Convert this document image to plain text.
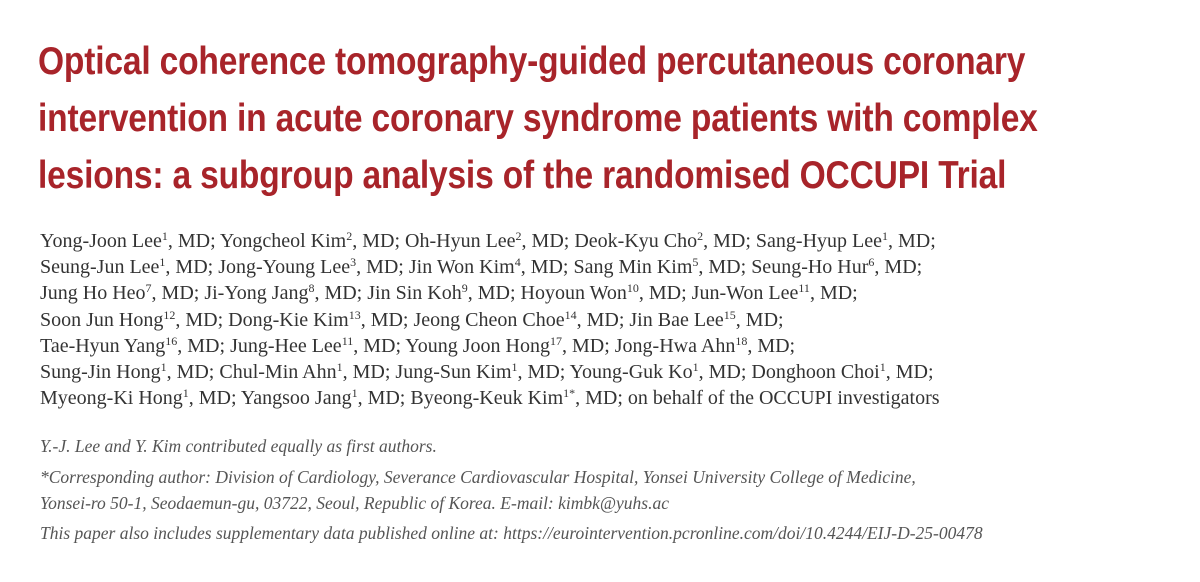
Optical coherence tomography-guided percutaneous coronary
intervention in acute coronary syndrome patients with complex
lesions: a subgroup analysis of the randomised OCCUPI Trial
Yong-Joon Lee$^1$, MD; Yongcheol Kim$^2$, MD; Oh-Hyun Lee$^2$, MD; Deok-Kyu Cho$^2$, MD; Sang-Hyup Lee$^1$, MD;
Seung-Jun Lee$^1$, MD; Jong-Young Lee$^3$, MD; Jin Won Kim$^4$, MD; Sang Min Kim$^5$, MD; Seung-Ho Hur$^6$, MD;
Jung Ho Heo$^7$, MD; Ji-Yong Jang$^8$, MD; Jin Sin Koh$^9$, MD; Hoyoun Won$^{10}$, MD; Jun-Won Lee$^{11}$, MD;
Soon Jun Hong$^{12}$, MD; Dong-Kie Kim$^{13}$, MD; Jeong Cheon Choe$^{14}$, MD; Jin Bae Lee$^{15}$, MD;
Tae-Hyun Yang$^{16}$, MD; Jung-Hee Lee$^{11}$, MD; Young Joon Hong$^{17}$, MD; Jong-Hwa Ahn$^{18}$, MD;
Sung-Jin Hong$^1$, MD; Chul-Min Ahn$^1$, MD; Jung-Sun Kim$^1$, MD; Young-Guk Ko$^1$, MD; Donghoon Choi$^1$, MD;
Myeong-Ki Hong$^1$, MD; Yangsoo Jang$^1$, MD; Byeong-Keuk Kim$^{1*}$, MD; on behalf of the OCCUPI investigators
Y.-J. Lee and Y. Kim contributed equally as first authors.
*Corresponding author: Division of Cardiology, Severance Cardiovascular Hospital, Yonsei University College of Medicine,
Yonsei-ro 50-1, Seodaemun-gu, 03722, Seoul, Republic of Korea. E-mail: kimbk@yuhs.ac
This paper also includes supplementary data published online at: https://eurointervention.pcronline.com/doi/10.4244/EIJ-D-25-00478
